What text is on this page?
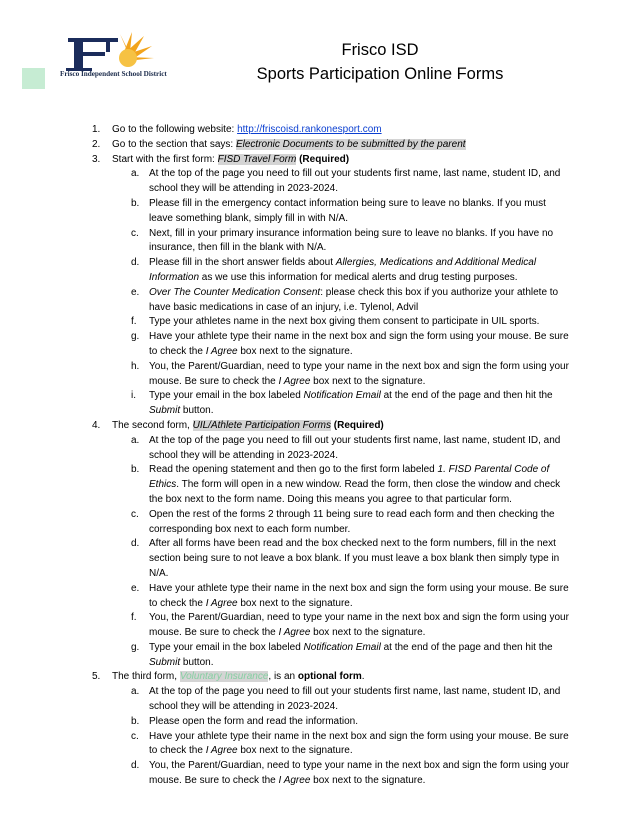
Frisco Independent School District
Frisco ISD
Sports Participation Online Forms
1. Go to the following website: http://friscoisd.rankonesport.com
2. Go to the section that says: Electronic Documents to be submitted by the parent
3. Start with the first form: FISD Travel Form (Required)
a. At the top of the page you need to fill out your students first name, last name, student ID, and school they will be attending in 2023-2024.
b. Please fill in the emergency contact information being sure to leave no blanks. If you must leave something blank, simply fill in with N/A.
c. Next, fill in your primary insurance information being sure to leave no blanks. If you have no insurance, then fill in the blank with N/A.
d. Please fill in the short answer fields about Allergies, Medications and Additional Medical Information as we use this information for medical alerts and drug testing purposes.
e. Over The Counter Medication Consent: please check this box if you authorize your athlete to have basic medications in case of an injury, i.e. Tylenol, Advil
f. Type your athletes name in the next box giving them consent to participate in UIL sports.
g. Have your athlete type their name in the next box and sign the form using your mouse. Be sure to check the I Agree box next to the signature.
h. You, the Parent/Guardian, need to type your name in the next box and sign the form using your mouse. Be sure to check the I Agree box next to the signature.
i. Type your email in the box labeled Notification Email at the end of the page and then hit the Submit button.
4. The second form, UIL/Athlete Participation Forms (Required)
a. At the top of the page you need to fill out your students first name, last name, student ID, and school they will be attending in 2023-2024.
b. Read the opening statement and then go to the first form labeled 1. FISD Parental Code of Ethics. The form will open in a new window. Read the form, then close the window and check the box next to the form name. Doing this means you agree to that particular form.
c. Open the rest of the forms 2 through 11 being sure to read each form and then checking the corresponding box next to each form number.
d. After all forms have been read and the box checked next to the form numbers, fill in the next section being sure to not leave a box blank. If you must leave a box blank then simply type in N/A.
e. Have your athlete type their name in the next box and sign the form using your mouse. Be sure to check the I Agree box next to the signature.
f. You, the Parent/Guardian, need to type your name in the next box and sign the form using your mouse. Be sure to check the I Agree box next to the signature.
g. Type your email in the box labeled Notification Email at the end of the page and then hit the Submit button.
5. The third form, Voluntary Insurance, is an optional form.
a. At the top of the page you need to fill out your students first name, last name, student ID, and school they will be attending in 2023-2024.
b. Please open the form and read the information.
c. Have your athlete type their name in the next box and sign the form using your mouse. Be sure to check the I Agree box next to the signature.
d. You, the Parent/Guardian, need to type your name in the next box and sign the form using your mouse. Be sure to check the I Agree box next to the signature.
